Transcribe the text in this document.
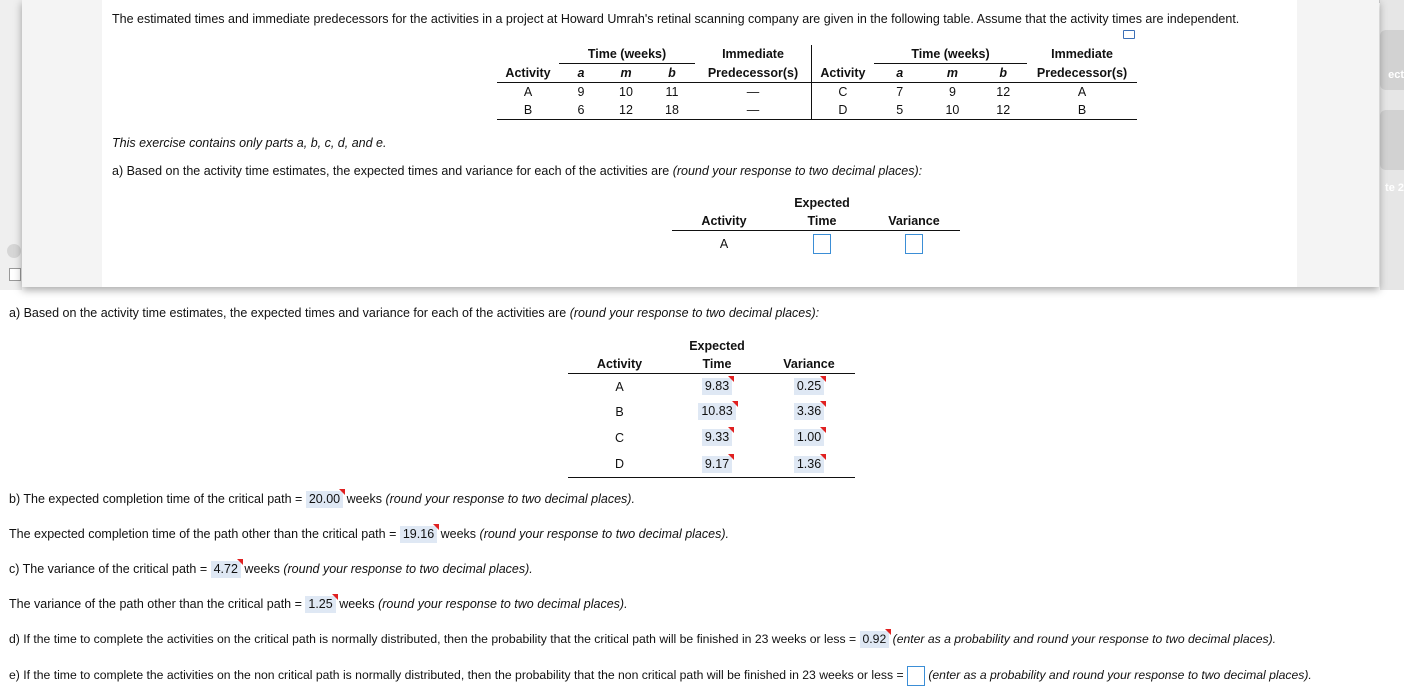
ect
te 2
The estimated times and immediate predecessors for the activities in a project at Howard Umrah's retinal scanning company are given in the following table. Assume that the activity times are independent.
	Time (weeks)			Immediate
Activity	a	m	b	Predecessor(s)
A	9	10	11	—
B	6	12	18	—
	Time (weeks)			Immediate
Activity	a	m	b	Predecessor(s)
C	7	9	12	A
D	5	10	12	B
This exercise contains only parts a, b, c, d, and e.
a) Based on the activity time estimates, the expected times and variance for each of the activities are (round your response to two decimal places):
	Expected	
Activity	Time	Variance
A		
a) Based on the activity time estimates, the expected times and variance for each of the activities are (round your response to two decimal places):
	Expected	
Activity	Time	Variance
A	9.83	0.25
B	10.83	3.36
C	9.33	1.00
D	9.17	1.36
b) The expected completion time of the critical path = 20.00 weeks (round your response to two decimal places).
The expected completion time of the path other than the critical path = 19.16 weeks (round your response to two decimal places).
c) The variance of the critical path = 4.72 weeks (round your response to two decimal places).
The variance of the path other than the critical path = 1.25 weeks (round your response to two decimal places).
d) If the time to complete the activities on the critical path is normally distributed, then the probability that the critical path will be finished in 23 weeks or less = 0.92 (enter as a probability and round your response to two decimal places).
e) If the time to complete the activities on the non critical path is normally distributed, then the probability that the non critical path will be finished in 23 weeks or less =  (enter as a probability and round your response to two decimal places).
